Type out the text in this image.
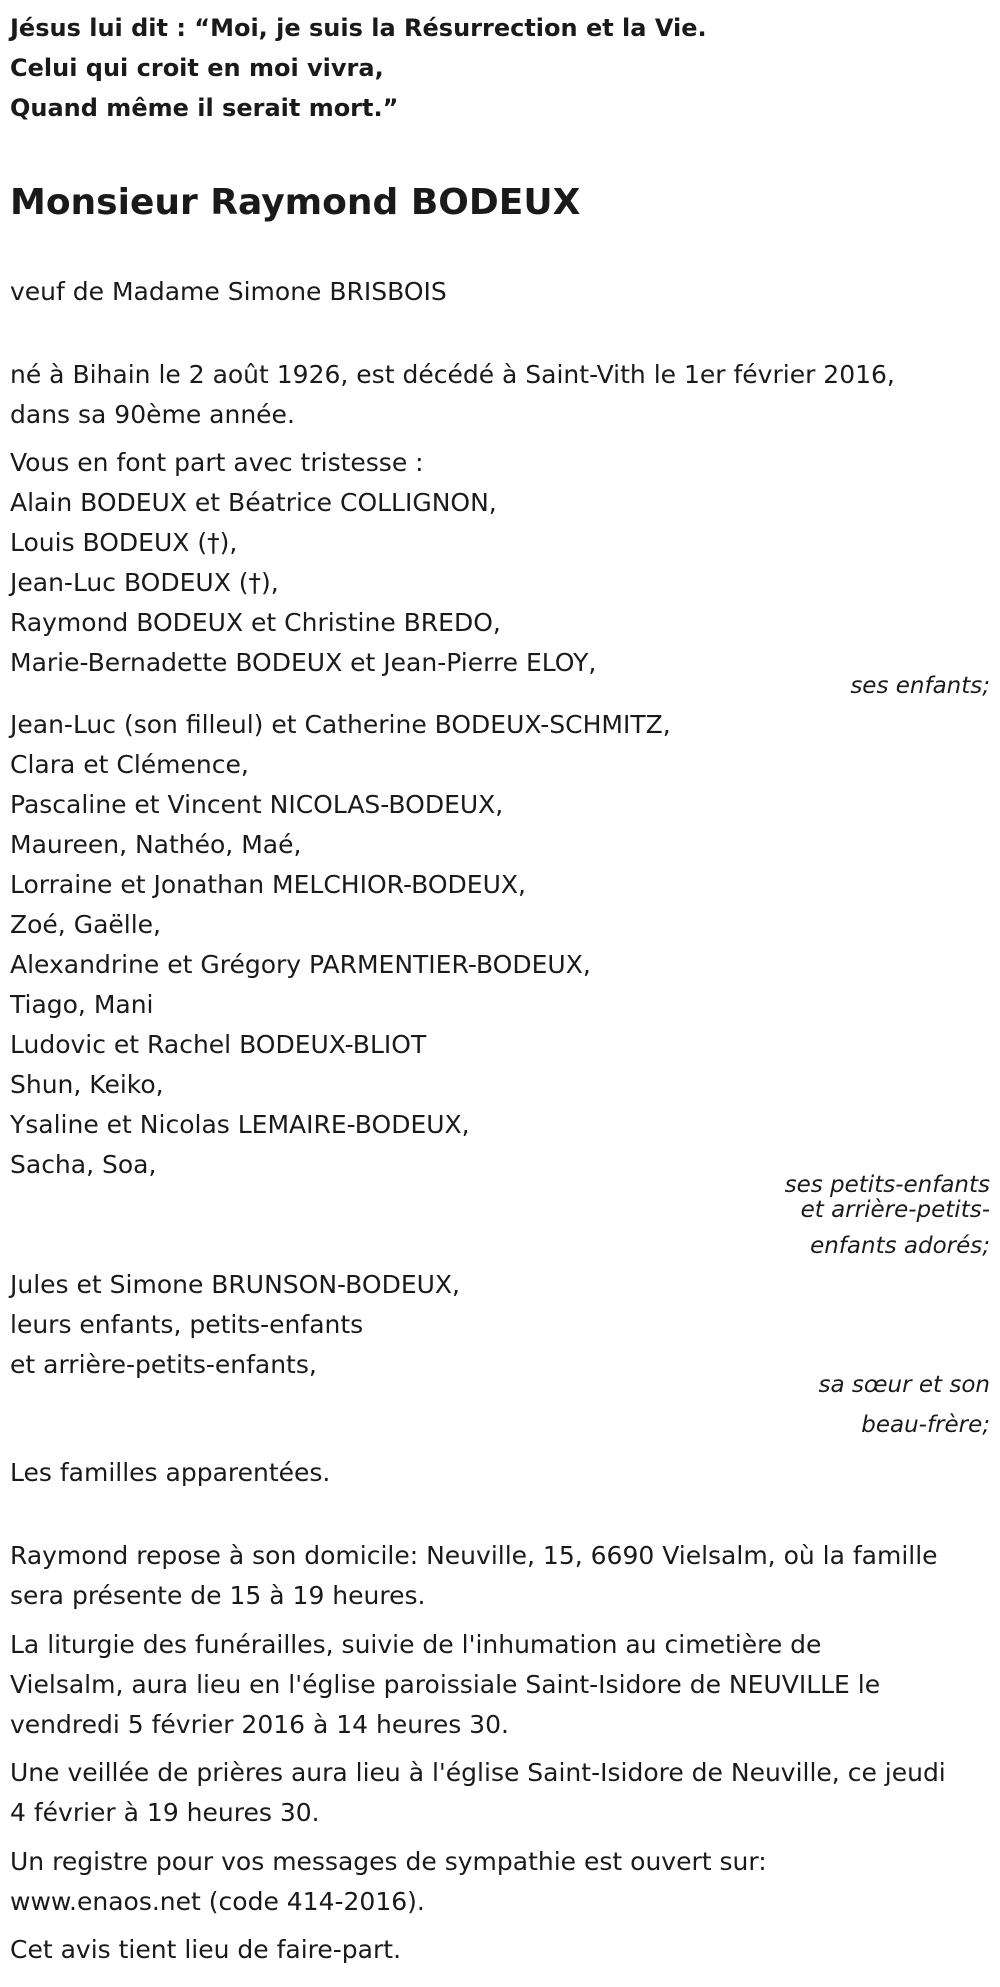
Jésus lui dit : “Moi, je suis la Résurrection et la Vie.
Celui qui croit en moi vivra,
Quand même il serait mort.”
Monsieur Raymond BODEUX
veuf de Madame Simone BRISBOIS
né à Bihain le 2 août 1926, est décédé à Saint-Vith le 1er février 2016,
dans sa 90ème année.
Vous en font part avec tristesse :
Alain BODEUX et Béatrice COLLIGNON,
Louis BODEUX (†),
Jean-Luc BODEUX (†),
Raymond BODEUX et Christine BREDO,
Marie-Bernadette BODEUX et Jean-Pierre ELOY,
ses enfants;
Jean-Luc (son filleul) et Catherine BODEUX-SCHMITZ,
Clara et Clémence,
Pascaline et Vincent NICOLAS-BODEUX,
Maureen, Nathéo, Maé,
Lorraine et Jonathan MELCHIOR-BODEUX,
Zoé, Gaëlle,
Alexandrine et Grégory PARMENTIER-BODEUX,
Tiago, Mani
Ludovic et Rachel BODEUX-BLIOT
Shun, Keiko,
Ysaline et Nicolas LEMAIRE-BODEUX,
Sacha, Soa,
ses petits-enfants
et arrière-petits-
enfants adorés;
Jules et Simone BRUNSON-BODEUX,
leurs enfants, petits-enfants
et arrière-petits-enfants,
sa sœur et son
beau-frère;
Les familles apparentées.
Raymond repose à son domicile: Neuville, 15, 6690 Vielsalm, où la famille
sera présente de 15 à 19 heures.
La liturgie des funérailles, suivie de l'inhumation au cimetière de
Vielsalm, aura lieu en l'église paroissiale Saint-Isidore de NEUVILLE le
vendredi 5 février 2016 à 14 heures 30.
Une veillée de prières aura lieu à l'église Saint-Isidore de Neuville, ce jeudi
4 février à 19 heures 30.
Un registre pour vos messages de sympathie est ouvert sur:
www.enaos.net (code 414-2016).
Cet avis tient lieu de faire-part.
